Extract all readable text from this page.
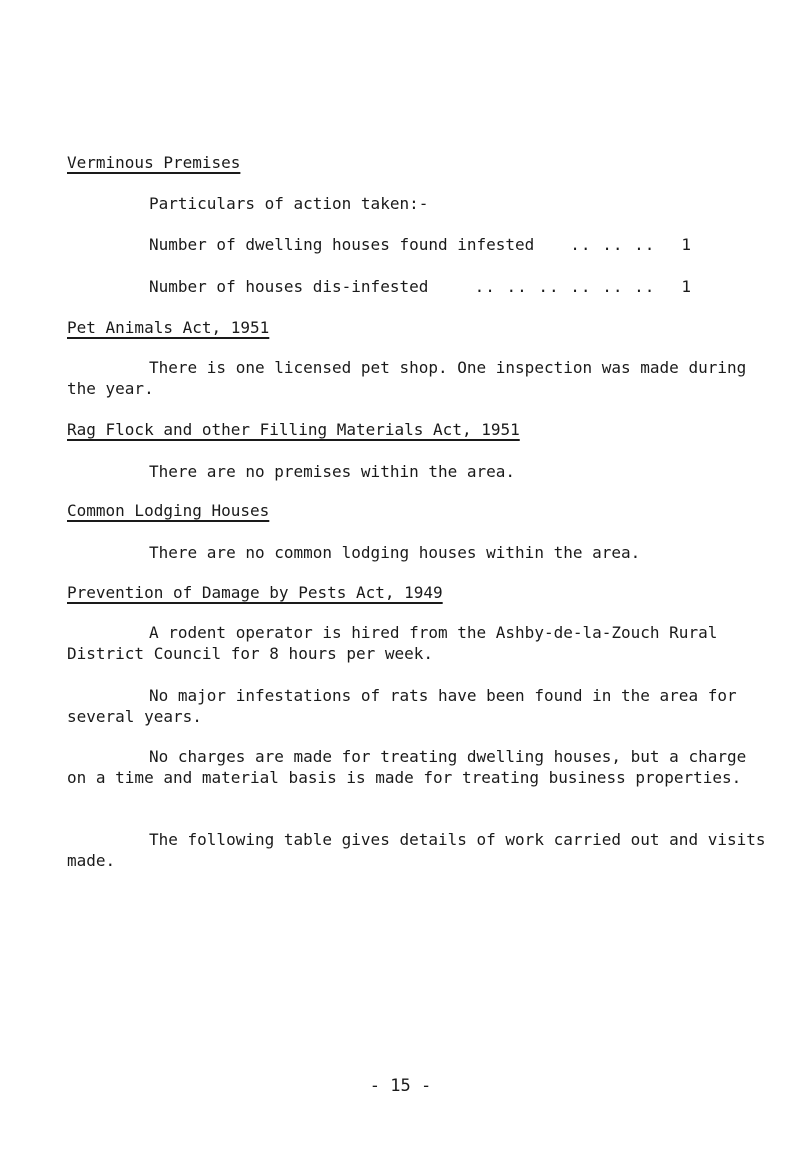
Verminous Premises
Particulars of action taken:-
Number of dwelling houses found infested	.. .. ..	1
Number of houses dis-infested	.. .. .. .. .. ..	1
Pet Animals Act, 1951
There is one licensed pet shop. One inspection was made during the year.
Rag Flock and other Filling Materials Act, 1951
There are no premises within the area.
Common Lodging Houses
There are no common lodging houses within the area.
Prevention of Damage by Pests Act, 1949
A rodent operator is hired from the Ashby-de-la-Zouch Rural District Council for 8 hours per week.
No major infestations of rats have been found in the area for several years.
No charges are made for treating dwelling houses, but a charge on a time and material basis is made for treating business properties.
The following table gives details of work carried out and visits made.
- 15 -
